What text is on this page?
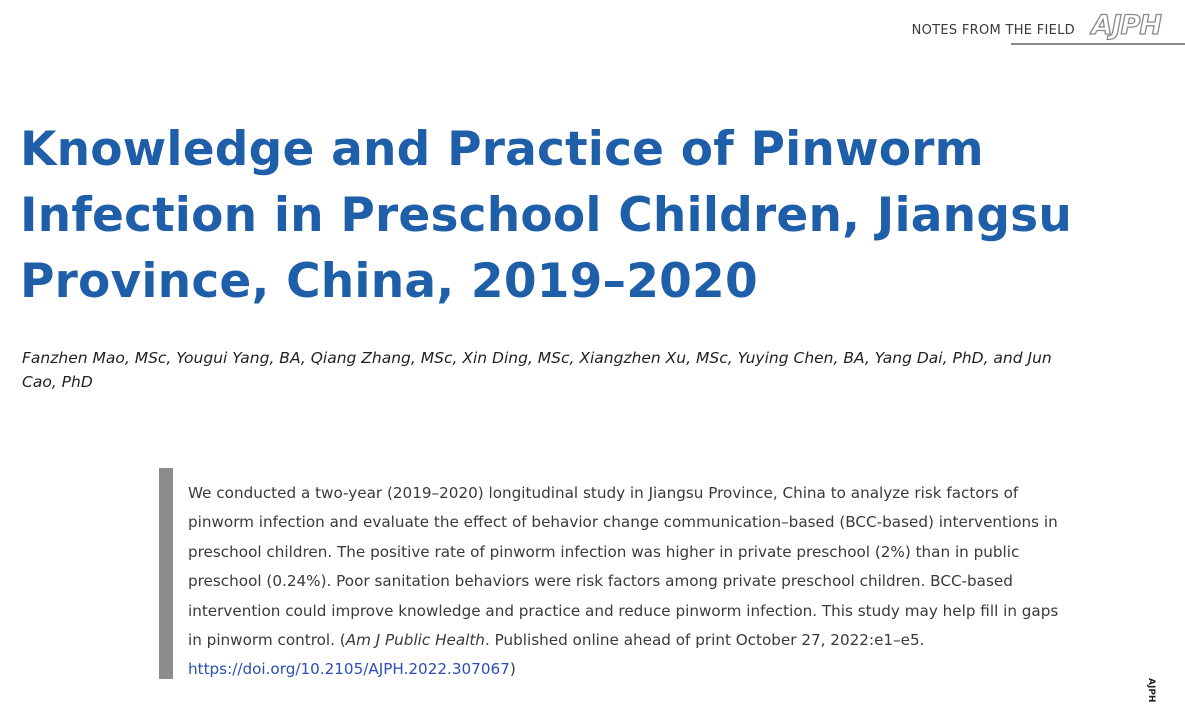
NOTES FROM THE FIELD AJPH
Knowledge and Practice of Pinworm Infection in Preschool Children, Jiangsu Province, China, 2019–2020

Fanzhen Mao, MSc, Yougui Yang, BA, Qiang Zhang, MSc, Xin Ding, MSc, Xiangzhen Xu, MSc, Yuying Chen, BA, Yang Dai, PhD, and Jun Cao, PhD

We conducted a two-year (2019–2020) longitudinal study in Jiangsu Province, China to analyze risk factors of pinworm infection and evaluate the effect of behavior change communication–based (BCC-based) interventions in preschool children. The positive rate of pinworm infection was higher in private preschool (2%) than in public preschool (0.24%). Poor sanitation behaviors were risk factors among private preschool children. BCC-based intervention could improve knowledge and practice and reduce pinworm infection. This study may help fill in gaps in pinworm control. (Am J Public Health. Published online ahead of print October 27, 2022:e1–e5. https://doi.org/10.2105/AJPH.2022.307067)

AJPH
